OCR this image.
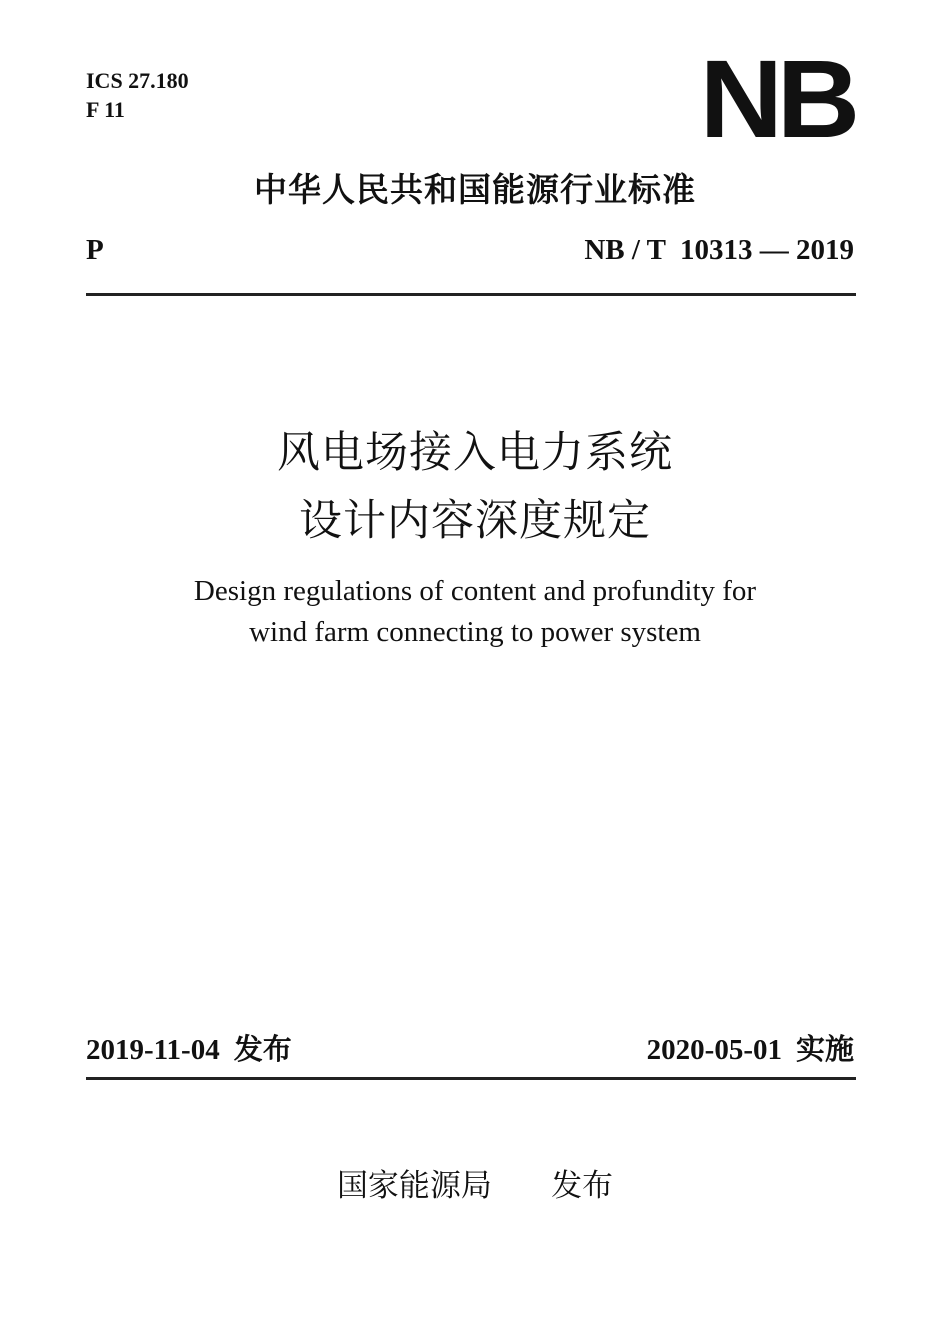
ICS 27.180
F 11	NB
中华人民共和国能源行业标准
P	NB / T  10313 — 2019
风电场接入电力系统
设计内容深度规定
Design regulations of content and profundity for
wind farm connecting to power system
2019-11-04 发布	2020-05-01 实施
国家能源局 发布
